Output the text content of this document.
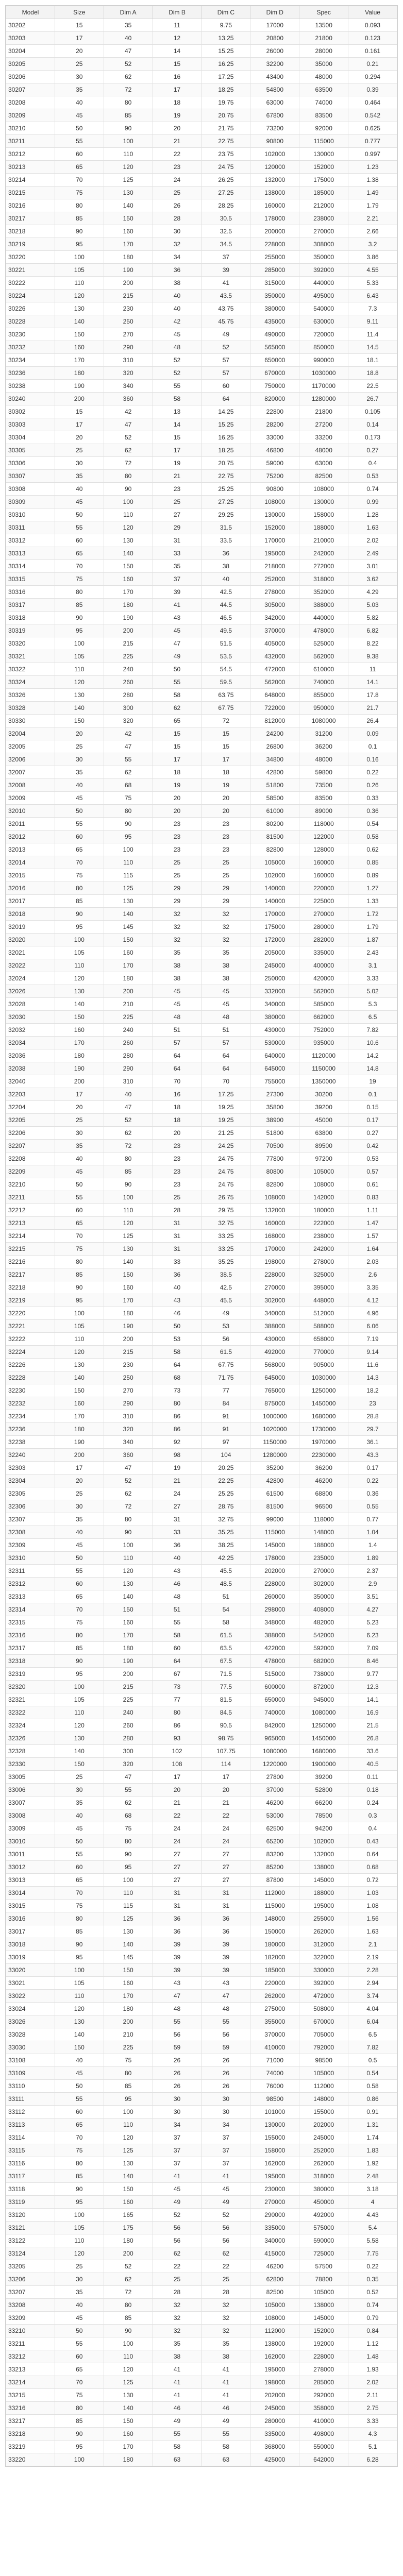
Model	Size	Dim A	Dim B	Dim C	Dim D	Spec	Value
30202	15	35	11	9.75	17000	13500	0.093
30203	17	40	12	13.25	20800	21800	0.123
30204	20	47	14	15.25	26000	28000	0.161
30205	25	52	15	16.25	32200	35000	0.21
30206	30	62	16	17.25	43400	48000	0.294
30207	35	72	17	18.25	54800	63500	0.39
30208	40	80	18	19.75	63000	74000	0.464
30209	45	85	19	20.75	67800	83500	0.542
30210	50	90	20	21.75	73200	92000	0.625
30211	55	100	21	22.75	90800	115000	0.777
30212	60	110	22	23.75	102000	130000	0.997
30213	65	120	23	24.75	120000	152000	1.23
30214	70	125	24	26.25	132000	175000	1.38
30215	75	130	25	27.25	138000	185000	1.49
30216	80	140	26	28.25	160000	212000	1.79
30217	85	150	28	30.5	178000	238000	2.21
30218	90	160	30	32.5	200000	270000	2.66
30219	95	170	32	34.5	228000	308000	3.2
30220	100	180	34	37	255000	350000	3.86
30221	105	190	36	39	285000	392000	4.55
30222	110	200	38	41	315000	440000	5.33
30224	120	215	40	43.5	350000	495000	6.43
30226	130	230	40	43.75	380000	540000	7.3
30228	140	250	42	45.75	435000	630000	9.11
30230	150	270	45	49	490000	720000	11.4
30232	160	290	48	52	565000	850000	14.5
30234	170	310	52	57	650000	990000	18.1
30236	180	320	52	57	670000	1030000	18.8
30238	190	340	55	60	750000	1170000	22.5
30240	200	360	58	64	820000	1280000	26.7
30302	15	42	13	14.25	22800	21800	0.105
30303	17	47	14	15.25	28200	27200	0.14
30304	20	52	15	16.25	33000	33200	0.173
30305	25	62	17	18.25	46800	48000	0.27
30306	30	72	19	20.75	59000	63000	0.4
30307	35	80	21	22.75	75200	82500	0.53
30308	40	90	23	25.25	90800	108000	0.74
30309	45	100	25	27.25	108000	130000	0.99
30310	50	110	27	29.25	130000	158000	1.28
30311	55	120	29	31.5	152000	188000	1.63
30312	60	130	31	33.5	170000	210000	2.02
30313	65	140	33	36	195000	242000	2.49
30314	70	150	35	38	218000	272000	3.01
30315	75	160	37	40	252000	318000	3.62
30316	80	170	39	42.5	278000	352000	4.29
30317	85	180	41	44.5	305000	388000	5.03
30318	90	190	43	46.5	342000	440000	5.82
30319	95	200	45	49.5	370000	478000	6.82
30320	100	215	47	51.5	405000	525000	8.22
30321	105	225	49	53.5	432000	562000	9.38
30322	110	240	50	54.5	472000	610000	11
30324	120	260	55	59.5	562000	740000	14.1
30326	130	280	58	63.75	648000	855000	17.8
30328	140	300	62	67.75	722000	950000	21.7
30330	150	320	65	72	812000	1080000	26.4
32004	20	42	15	15	24200	31200	0.09
32005	25	47	15	15	26800	36200	0.1
32006	30	55	17	17	34800	48000	0.16
32007	35	62	18	18	42800	59800	0.22
32008	40	68	19	19	51800	73500	0.26
32009	45	75	20	20	58500	83500	0.33
32010	50	80	20	20	61000	89000	0.36
32011	55	90	23	23	80200	118000	0.54
32012	60	95	23	23	81500	122000	0.58
32013	65	100	23	23	82800	128000	0.62
32014	70	110	25	25	105000	160000	0.85
32015	75	115	25	25	102000	160000	0.89
32016	80	125	29	29	140000	220000	1.27
32017	85	130	29	29	140000	225000	1.33
32018	90	140	32	32	170000	270000	1.72
32019	95	145	32	32	175000	280000	1.79
32020	100	150	32	32	172000	282000	1.87
32021	105	160	35	35	205000	335000	2.43
32022	110	170	38	38	245000	400000	3.1
32024	120	180	38	38	250000	420000	3.33
32026	130	200	45	45	332000	562000	5.02
32028	140	210	45	45	340000	585000	5.3
32030	150	225	48	48	380000	662000	6.5
32032	160	240	51	51	430000	752000	7.82
32034	170	260	57	57	530000	935000	10.6
32036	180	280	64	64	640000	1120000	14.2
32038	190	290	64	64	645000	1150000	14.8
32040	200	310	70	70	755000	1350000	19
32203	17	40	16	17.25	27300	30200	0.1
32204	20	47	18	19.25	35800	39200	0.15
32205	25	52	18	19.25	38900	45000	0.17
32206	30	62	20	21.25	51800	63800	0.27
32207	35	72	23	24.25	70500	89500	0.42
32208	40	80	23	24.75	77800	97200	0.53
32209	45	85	23	24.75	80800	105000	0.57
32210	50	90	23	24.75	82800	108000	0.61
32211	55	100	25	26.75	108000	142000	0.83
32212	60	110	28	29.75	132000	180000	1.11
32213	65	120	31	32.75	160000	222000	1.47
32214	70	125	31	33.25	168000	238000	1.57
32215	75	130	31	33.25	170000	242000	1.64
32216	80	140	33	35.25	198000	278000	2.03
32217	85	150	36	38.5	228000	325000	2.6
32218	90	160	40	42.5	270000	395000	3.35
32219	95	170	43	45.5	302000	448000	4.12
32220	100	180	46	49	340000	512000	4.96
32221	105	190	50	53	388000	588000	6.06
32222	110	200	53	56	430000	658000	7.19
32224	120	215	58	61.5	492000	770000	9.14
32226	130	230	64	67.75	568000	905000	11.6
32228	140	250	68	71.75	645000	1030000	14.3
32230	150	270	73	77	765000	1250000	18.2
32232	160	290	80	84	875000	1450000	23
32234	170	310	86	91	1000000	1680000	28.8
32236	180	320	86	91	1020000	1730000	29.7
32238	190	340	92	97	1150000	1970000	36.1
32240	200	360	98	104	1280000	2230000	43.3
32303	17	47	19	20.25	35200	36200	0.17
32304	20	52	21	22.25	42800	46200	0.22
32305	25	62	24	25.25	61500	68800	0.36
32306	30	72	27	28.75	81500	96500	0.55
32307	35	80	31	32.75	99000	118000	0.77
32308	40	90	33	35.25	115000	148000	1.04
32309	45	100	36	38.25	145000	188000	1.4
32310	50	110	40	42.25	178000	235000	1.89
32311	55	120	43	45.5	202000	270000	2.37
32312	60	130	46	48.5	228000	302000	2.9
32313	65	140	48	51	260000	350000	3.51
32314	70	150	51	54	298000	408000	4.27
32315	75	160	55	58	348000	482000	5.23
32316	80	170	58	61.5	388000	542000	6.23
32317	85	180	60	63.5	422000	592000	7.09
32318	90	190	64	67.5	478000	682000	8.46
32319	95	200	67	71.5	515000	738000	9.77
32320	100	215	73	77.5	600000	872000	12.3
32321	105	225	77	81.5	650000	945000	14.1
32322	110	240	80	84.5	740000	1080000	16.9
32324	120	260	86	90.5	842000	1250000	21.5
32326	130	280	93	98.75	965000	1450000	26.8
32328	140	300	102	107.75	1080000	1680000	33.6
32330	150	320	108	114	1220000	1900000	40.5
33005	25	47	17	17	27800	39200	0.11
33006	30	55	20	20	37000	52800	0.18
33007	35	62	21	21	46200	66200	0.24
33008	40	68	22	22	53000	78500	0.3
33009	45	75	24	24	62500	94200	0.4
33010	50	80	24	24	65200	102000	0.43
33011	55	90	27	27	83200	132000	0.64
33012	60	95	27	27	85200	138000	0.68
33013	65	100	27	27	87800	145000	0.72
33014	70	110	31	31	112000	188000	1.03
33015	75	115	31	31	115000	195000	1.08
33016	80	125	36	36	148000	255000	1.56
33017	85	130	36	36	150000	262000	1.63
33018	90	140	39	39	180000	312000	2.1
33019	95	145	39	39	182000	322000	2.19
33020	100	150	39	39	185000	330000	2.28
33021	105	160	43	43	220000	392000	2.94
33022	110	170	47	47	262000	472000	3.74
33024	120	180	48	48	275000	508000	4.04
33026	130	200	55	55	355000	670000	6.04
33028	140	210	56	56	370000	705000	6.5
33030	150	225	59	59	410000	792000	7.82
33108	40	75	26	26	71000	98500	0.5
33109	45	80	26	26	74000	105000	0.54
33110	50	85	26	26	76000	112000	0.58
33111	55	95	30	30	98500	148000	0.86
33112	60	100	30	30	101000	155000	0.91
33113	65	110	34	34	130000	202000	1.31
33114	70	120	37	37	155000	245000	1.74
33115	75	125	37	37	158000	252000	1.83
33116	80	130	37	37	162000	262000	1.92
33117	85	140	41	41	195000	318000	2.48
33118	90	150	45	45	230000	380000	3.18
33119	95	160	49	49	270000	450000	4
33120	100	165	52	52	290000	492000	4.43
33121	105	175	56	56	335000	575000	5.4
33122	110	180	56	56	340000	590000	5.58
33124	120	200	62	62	415000	725000	7.75
33205	25	52	22	22	46200	57500	0.22
33206	30	62	25	25	62800	78800	0.35
33207	35	72	28	28	82500	105000	0.52
33208	40	80	32	32	105000	138000	0.74
33209	45	85	32	32	108000	145000	0.79
33210	50	90	32	32	112000	152000	0.84
33211	55	100	35	35	138000	192000	1.12
33212	60	110	38	38	162000	228000	1.48
33213	65	120	41	41	195000	278000	1.93
33214	70	125	41	41	198000	285000	2.02
33215	75	130	41	41	202000	292000	2.11
33216	80	140	46	46	245000	358000	2.75
33217	85	150	49	49	280000	410000	3.33
33218	90	160	55	55	335000	498000	4.3
33219	95	170	58	58	368000	550000	5.1
33220	100	180	63	63	425000	642000	6.28
